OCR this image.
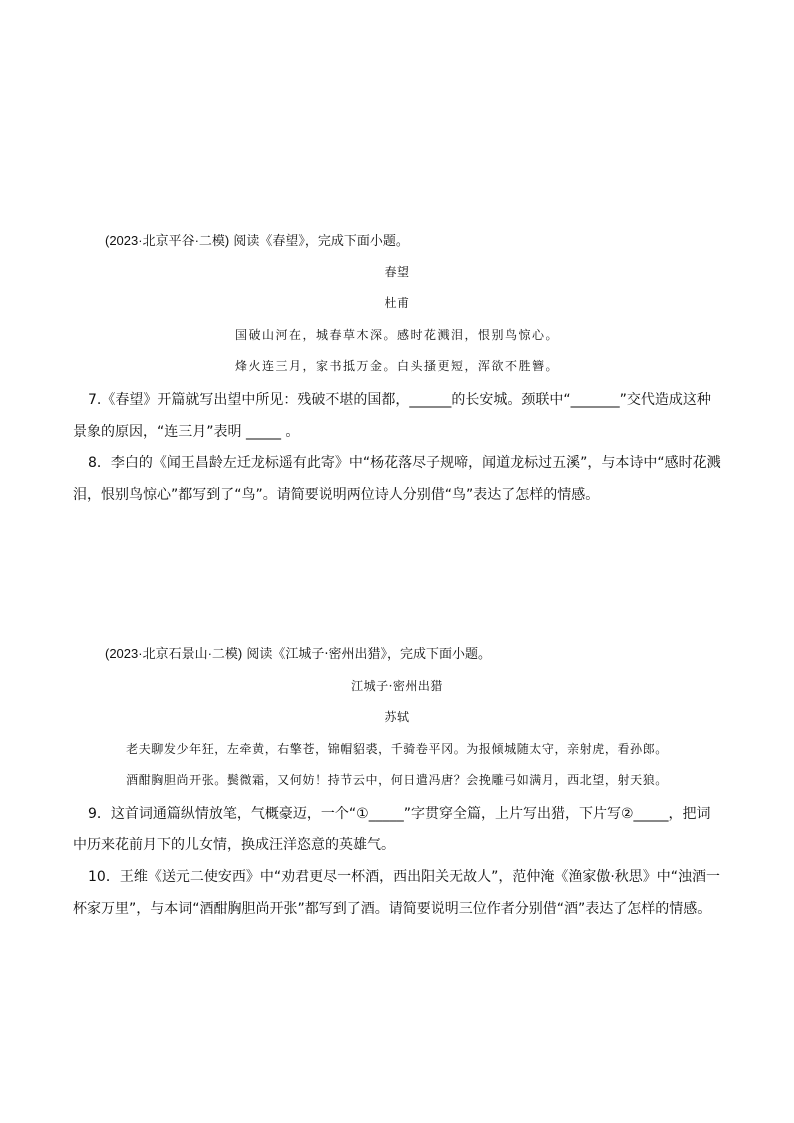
(2023·北京平谷·二模) 阅读《春望》，完成下面小题。
春望
杜甫
国破山河在，城春草木深。感时花溅泪，恨别鸟惊心。
烽火连三月，家书抵万金。白头搔更短，浑欲不胜簪。
7.《春望》开篇就写出望中所见：残破不堪的国都，______的长安城。颈联中“_______”交代造成这种
景象的原因，“连三月”表明 _____ 。
8．李白的《闻王昌龄左迁龙标遥有此寄》中“杨花落尽子规啼，闻道龙标过五溪”，与本诗中“感时花溅
泪，恨别鸟惊心”都写到了“鸟”。请简要说明两位诗人分别借“鸟”表达了怎样的情感。
(2023·北京石景山·二模) 阅读《江城子·密州出猎》，完成下面小题。
江城子·密州出猎
苏轼
老夫聊发少年狂，左牵黄，右擎苍，锦帽貂裘，千骑卷平冈。为报倾城随太守，亲射虎，看孙郎。
酒酣胸胆尚开张。鬓微霜，又何妨！持节云中，何日遣冯唐？会挽雕弓如满月，西北望，射天狼。
9．这首词通篇纵情放笔，气概豪迈，一个“①_____”字贯穿全篇，上片写出猎，下片写②_____，把词
中历来花前月下的儿女情，换成汪洋恣意的英雄气。
10．王维《送元二使安西》中“劝君更尽一杯酒，西出阳关无故人”，范仲淹《渔家傲·秋思》中“浊酒一
杯家万里”，与本词“酒酣胸胆尚开张”都写到了酒。请简要说明三位作者分别借“酒”表达了怎样的情感。
